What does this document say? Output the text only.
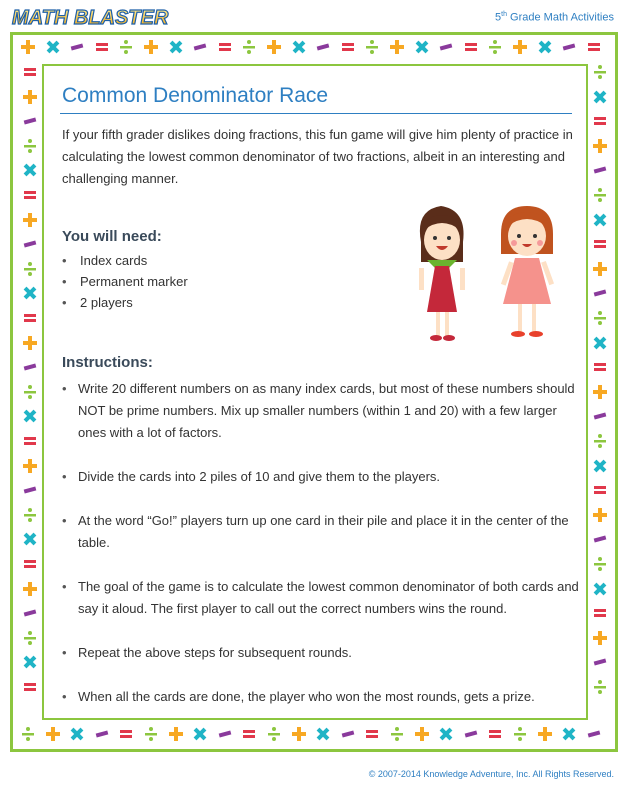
MATH BLASTER	5th Grade Math Activities
Common Denominator Race
If your fifth grader dislikes doing fractions, this fun game will give him plenty of practice in calculating the lowest common denominator of two fractions, albeit in an interesting and challenging manner.
You will need:
• Index cards
• Permanent marker
• 2 players
Instructions:
• Write 20 different numbers on as many index cards, but most of these numbers should NOT be prime numbers. Mix up smaller numbers (within 1 and 20) with a few larger ones with a lot of factors.
• Divide the cards into 2 piles of 10 and give them to the players.
• At the word “Go!” players turn up one card in their pile and place it in the center of the table.
• The goal of the game is to calculate the lowest common denominator of both cards and say it aloud. The first player to call out the correct numbers wins the round.
• Repeat the above steps for subsequent rounds.
• When all the cards are done, the player who won the most rounds, gets a prize.
© 2007-2014 Knowledge Adventure, Inc. All Rights Reserved.
